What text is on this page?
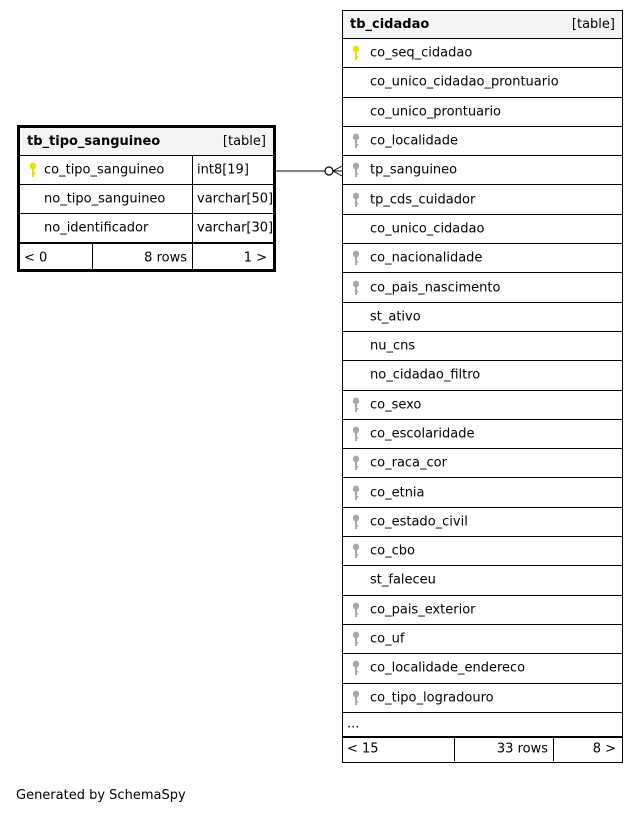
tb_tipo_sanguineo	[table]
co_tipo_sanguineo	int8[19]
no_tipo_sanguineo varchar[50]
no_identificador	varchar[30]
< 0	8 rows	1 >
tb_cidadao	[table]
co_seq_cidadao
co_unico_cidadao_prontuario
co_unico_prontuario
co_localidade
tp_sanguineo
tp_cds_cuidador
co_unico_cidadao
co_nacionalidade
co_pais_nascimento
st_ativo
nu_cns
no_cidadao_filtro
co_sexo
co_escolaridade
co_raca_cor
co_etnia
co_estado_civil
co_cbo
st_faleceu
co_pais_exterior
co_uf
co_localidade_endereco
co_tipo_logradouro
...
< 15	33 rows	8 >
Generated by SchemaSpy
